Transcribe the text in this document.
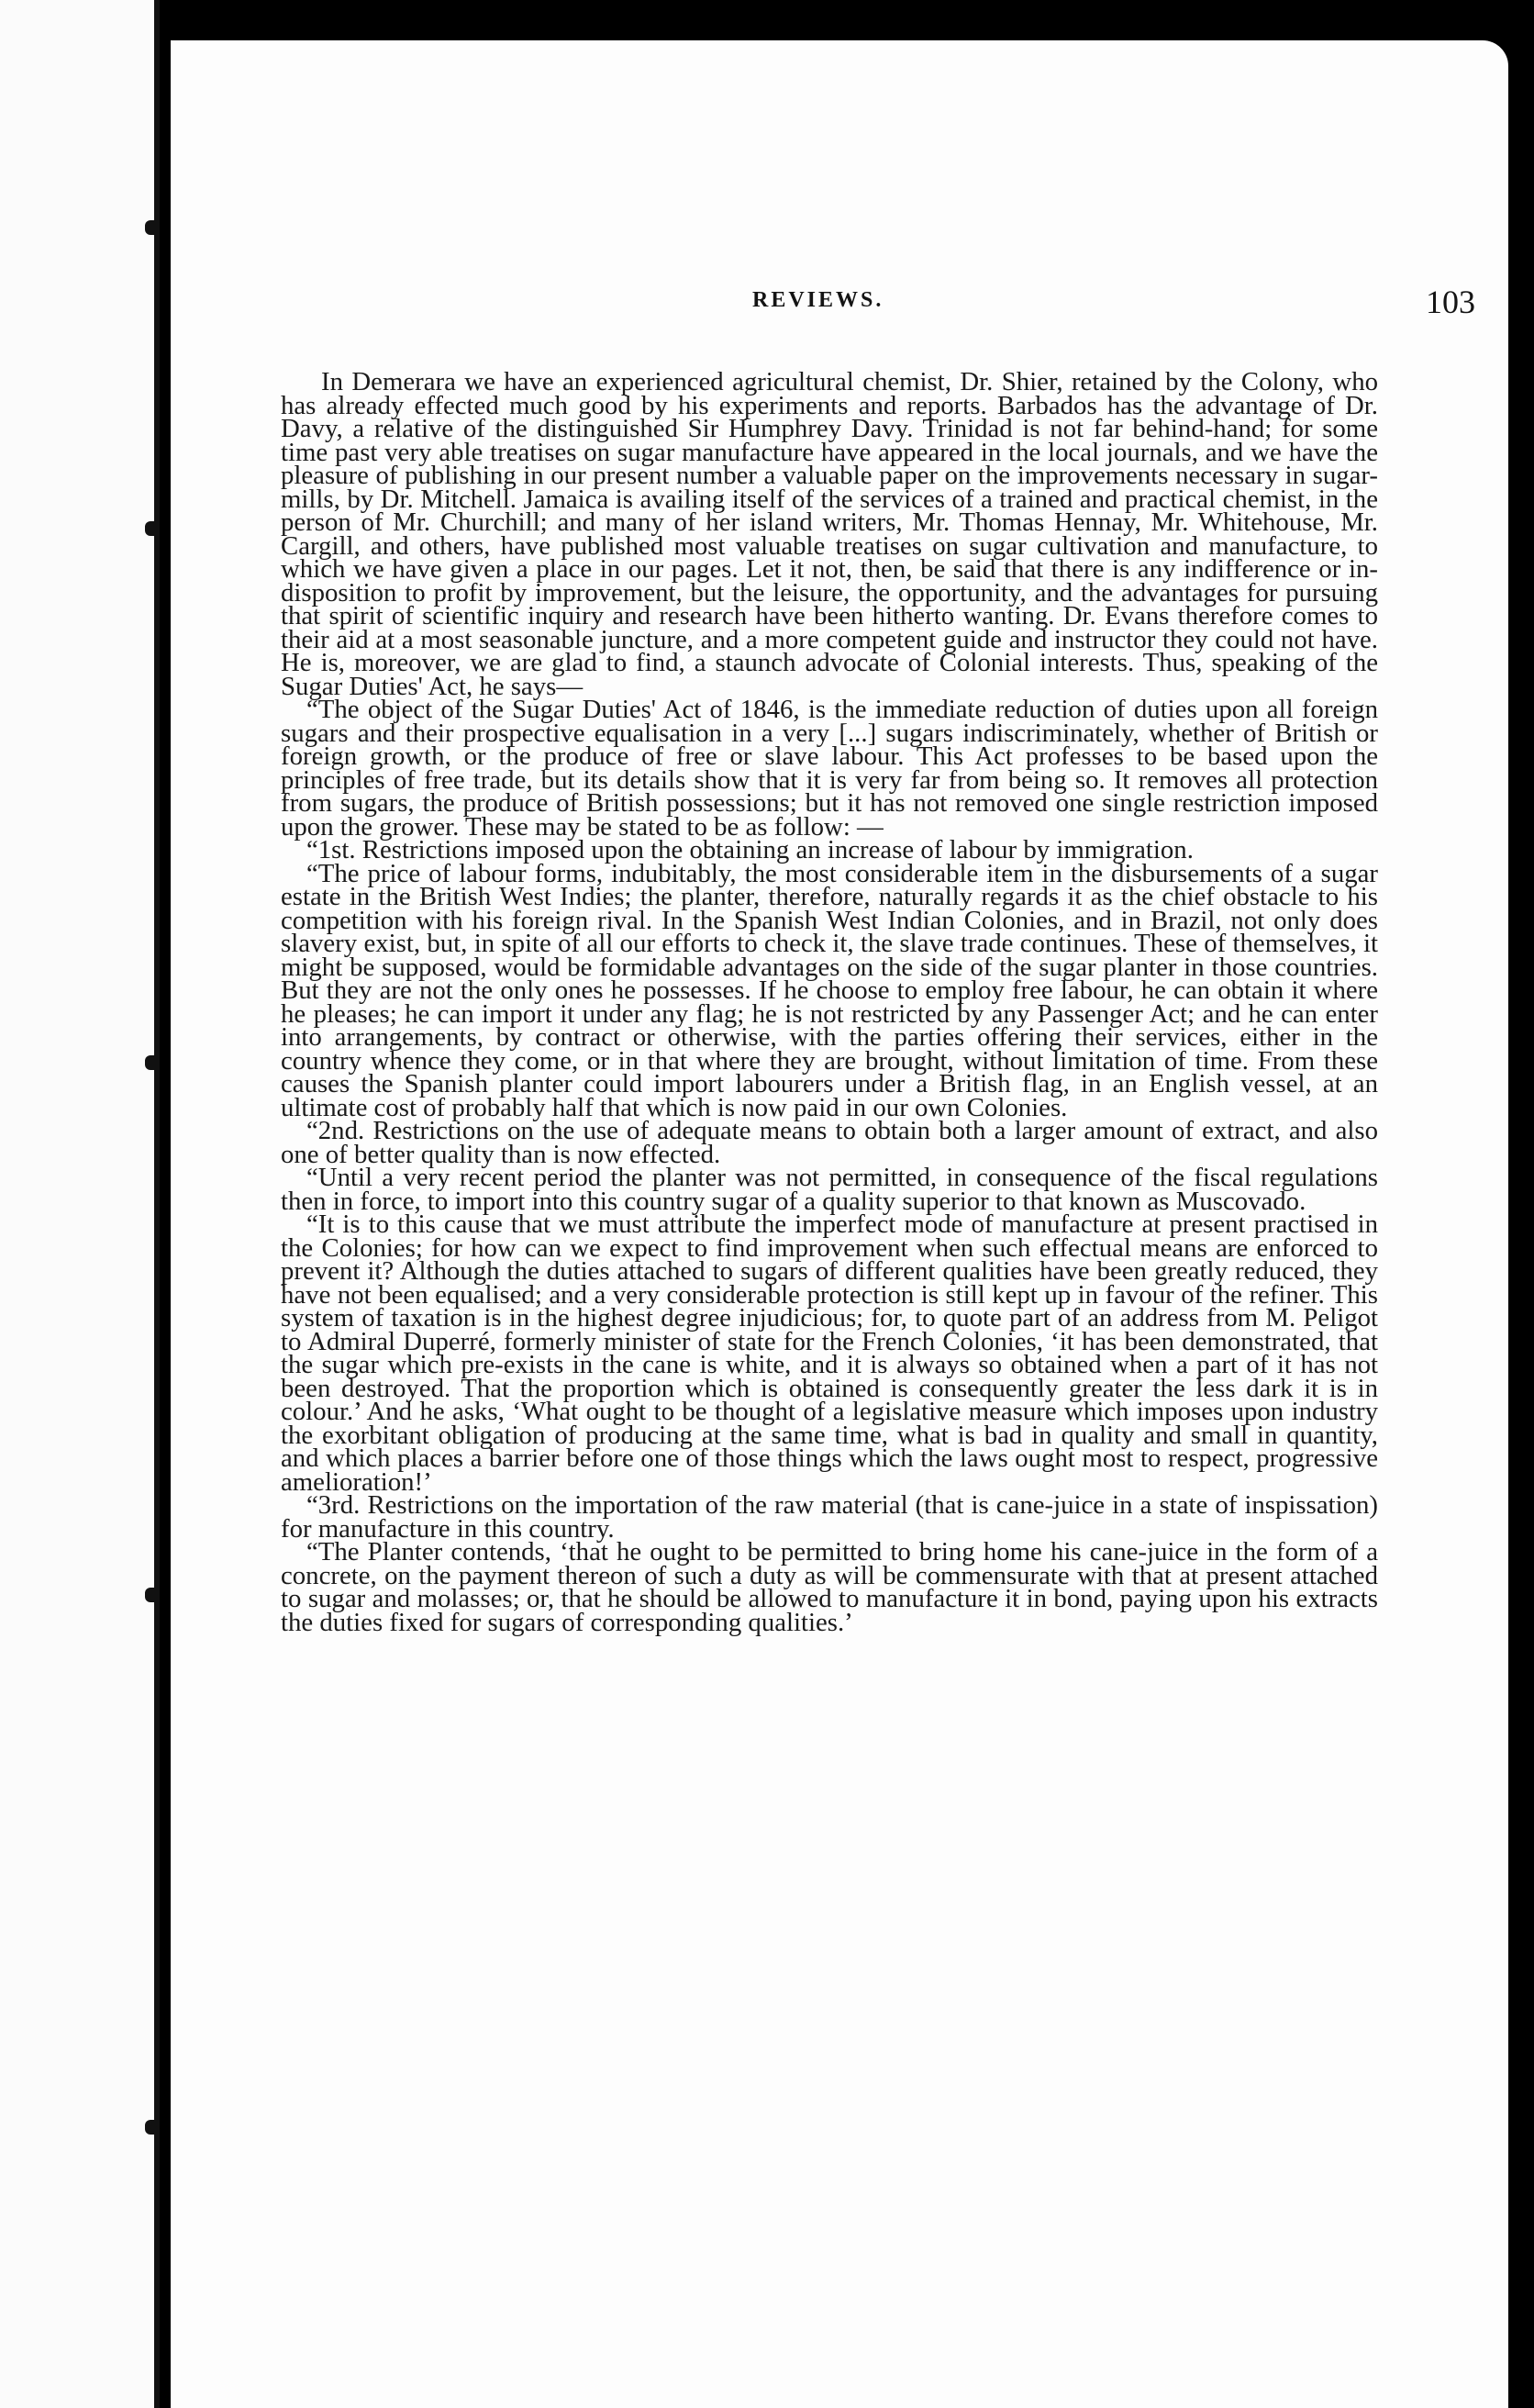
REVIEWS.	103

In Demerara we have an experienced agricultural chemist, Dr. Shier, retained by the Colony, who has already effected much good by his experiments and reports. Barbados has the advantage of Dr. Davy, a relative of the distinguished Sir Humphrey Davy. Trinidad is not far behind-hand; for some time past very able treatises on sugar manufacture have appeared in the local journals, and we have the pleasure of publishing in our present number a valuable paper on the improvements necessary in sugar-mills, by Dr. Mitchell. Jamaica is availing itself of the services of a trained and practical chemist, in the person of Mr. Churchill; and many of her island writers, Mr. Thomas Hennay, Mr. Whitehouse, Mr. Cargill, and others, have published most valuable treatises on sugar cultivation and manufacture, to which we have given a place in our pages. Let it not, then, be said that there is any indifference or in-disposition to profit by improvement, but the leisure, the opportunity, and the advantages for pursuing that spirit of scientific inquiry and research have been hitherto wanting. Dr. Evans therefore comes to their aid at a most seasonable juncture, and a more competent guide and instructor they could not have. He is, moreover, we are glad to find, a staunch advocate of Colonial interests. Thus, speaking of the Sugar Duties' Act, he says—

“The object of the Sugar Duties' Act of 1846, is the immediate reduction of duties upon all foreign sugars and their prospective equalisation in a very [...] sugars indiscriminately, whether of British or foreign growth, or the produce of free or slave labour. This Act professes to be based upon the principles of free trade, but its details show that it is very far from being so. It removes all protection from sugars, the produce of British possessions; but it has not removed one single restriction imposed upon the grower. These may be stated to be as follow: —

“1st. Restrictions imposed upon the obtaining an increase of labour by immigration.

“The price of labour forms, indubitably, the most considerable item in the disbursements of a sugar estate in the British West Indies; the planter, therefore, naturally regards it as the chief obstacle to his competition with his foreign rival. In the Spanish West Indian Colonies, and in Brazil, not only does slavery exist, but, in spite of all our efforts to check it, the slave trade continues. These of themselves, it might be supposed, would be formidable advantages on the side of the sugar planter in those countries. But they are not the only ones he possesses. If he choose to employ free labour, he can obtain it where he pleases; he can import it under any flag; he is not restricted by any Passenger Act; and he can enter into arrangements, by contract or otherwise, with the parties offering their services, either in the country whence they come, or in that where they are brought, without limitation of time. From these causes the Spanish planter could import labourers under a British flag, in an English vessel, at an ultimate cost of probably half that which is now paid in our own Colonies.

“2nd. Restrictions on the use of adequate means to obtain both a larger amount of extract, and also one of better quality than is now effected.

“Until a very recent period the planter was not permitted, in consequence of the fiscal regulations then in force, to import into this country sugar of a quality superior to that known as Muscovado.

“It is to this cause that we must attribute the imperfect mode of manufacture at present practised in the Colonies; for how can we expect to find improvement when such effectual means are enforced to prevent it? Although the duties attached to sugars of different qualities have been greatly reduced, they have not been equalised; and a very considerable protection is still kept up in favour of the refiner. This system of taxation is in the highest degree injudicious; for, to quote part of an address from M. Peligot to Admiral Duperré, formerly minister of state for the French Colonies, ‘it has been demonstrated, that the sugar which pre-exists in the cane is white, and it is always so obtained when a part of it has not been destroyed. That the proportion which is obtained is consequently greater the less dark it is in colour.’ And he asks, ‘What ought to be thought of a legislative measure which imposes upon industry the exorbitant obligation of producing at the same time, what is bad in quality and small in quantity, and which places a barrier before one of those things which the laws ought most to respect, progressive amelioration!’

“3rd. Restrictions on the importation of the raw material (that is cane-juice in a state of inspissation) for manufacture in this country.

“The Planter contends, ‘that he ought to be permitted to bring home his cane-juice in the form of a concrete, on the payment thereon of such a duty as will be commensurate with that at present attached to sugar and molasses; or, that he should be allowed to manufacture it in bond, paying upon his extracts the duties fixed for sugars of corresponding qualities.’
